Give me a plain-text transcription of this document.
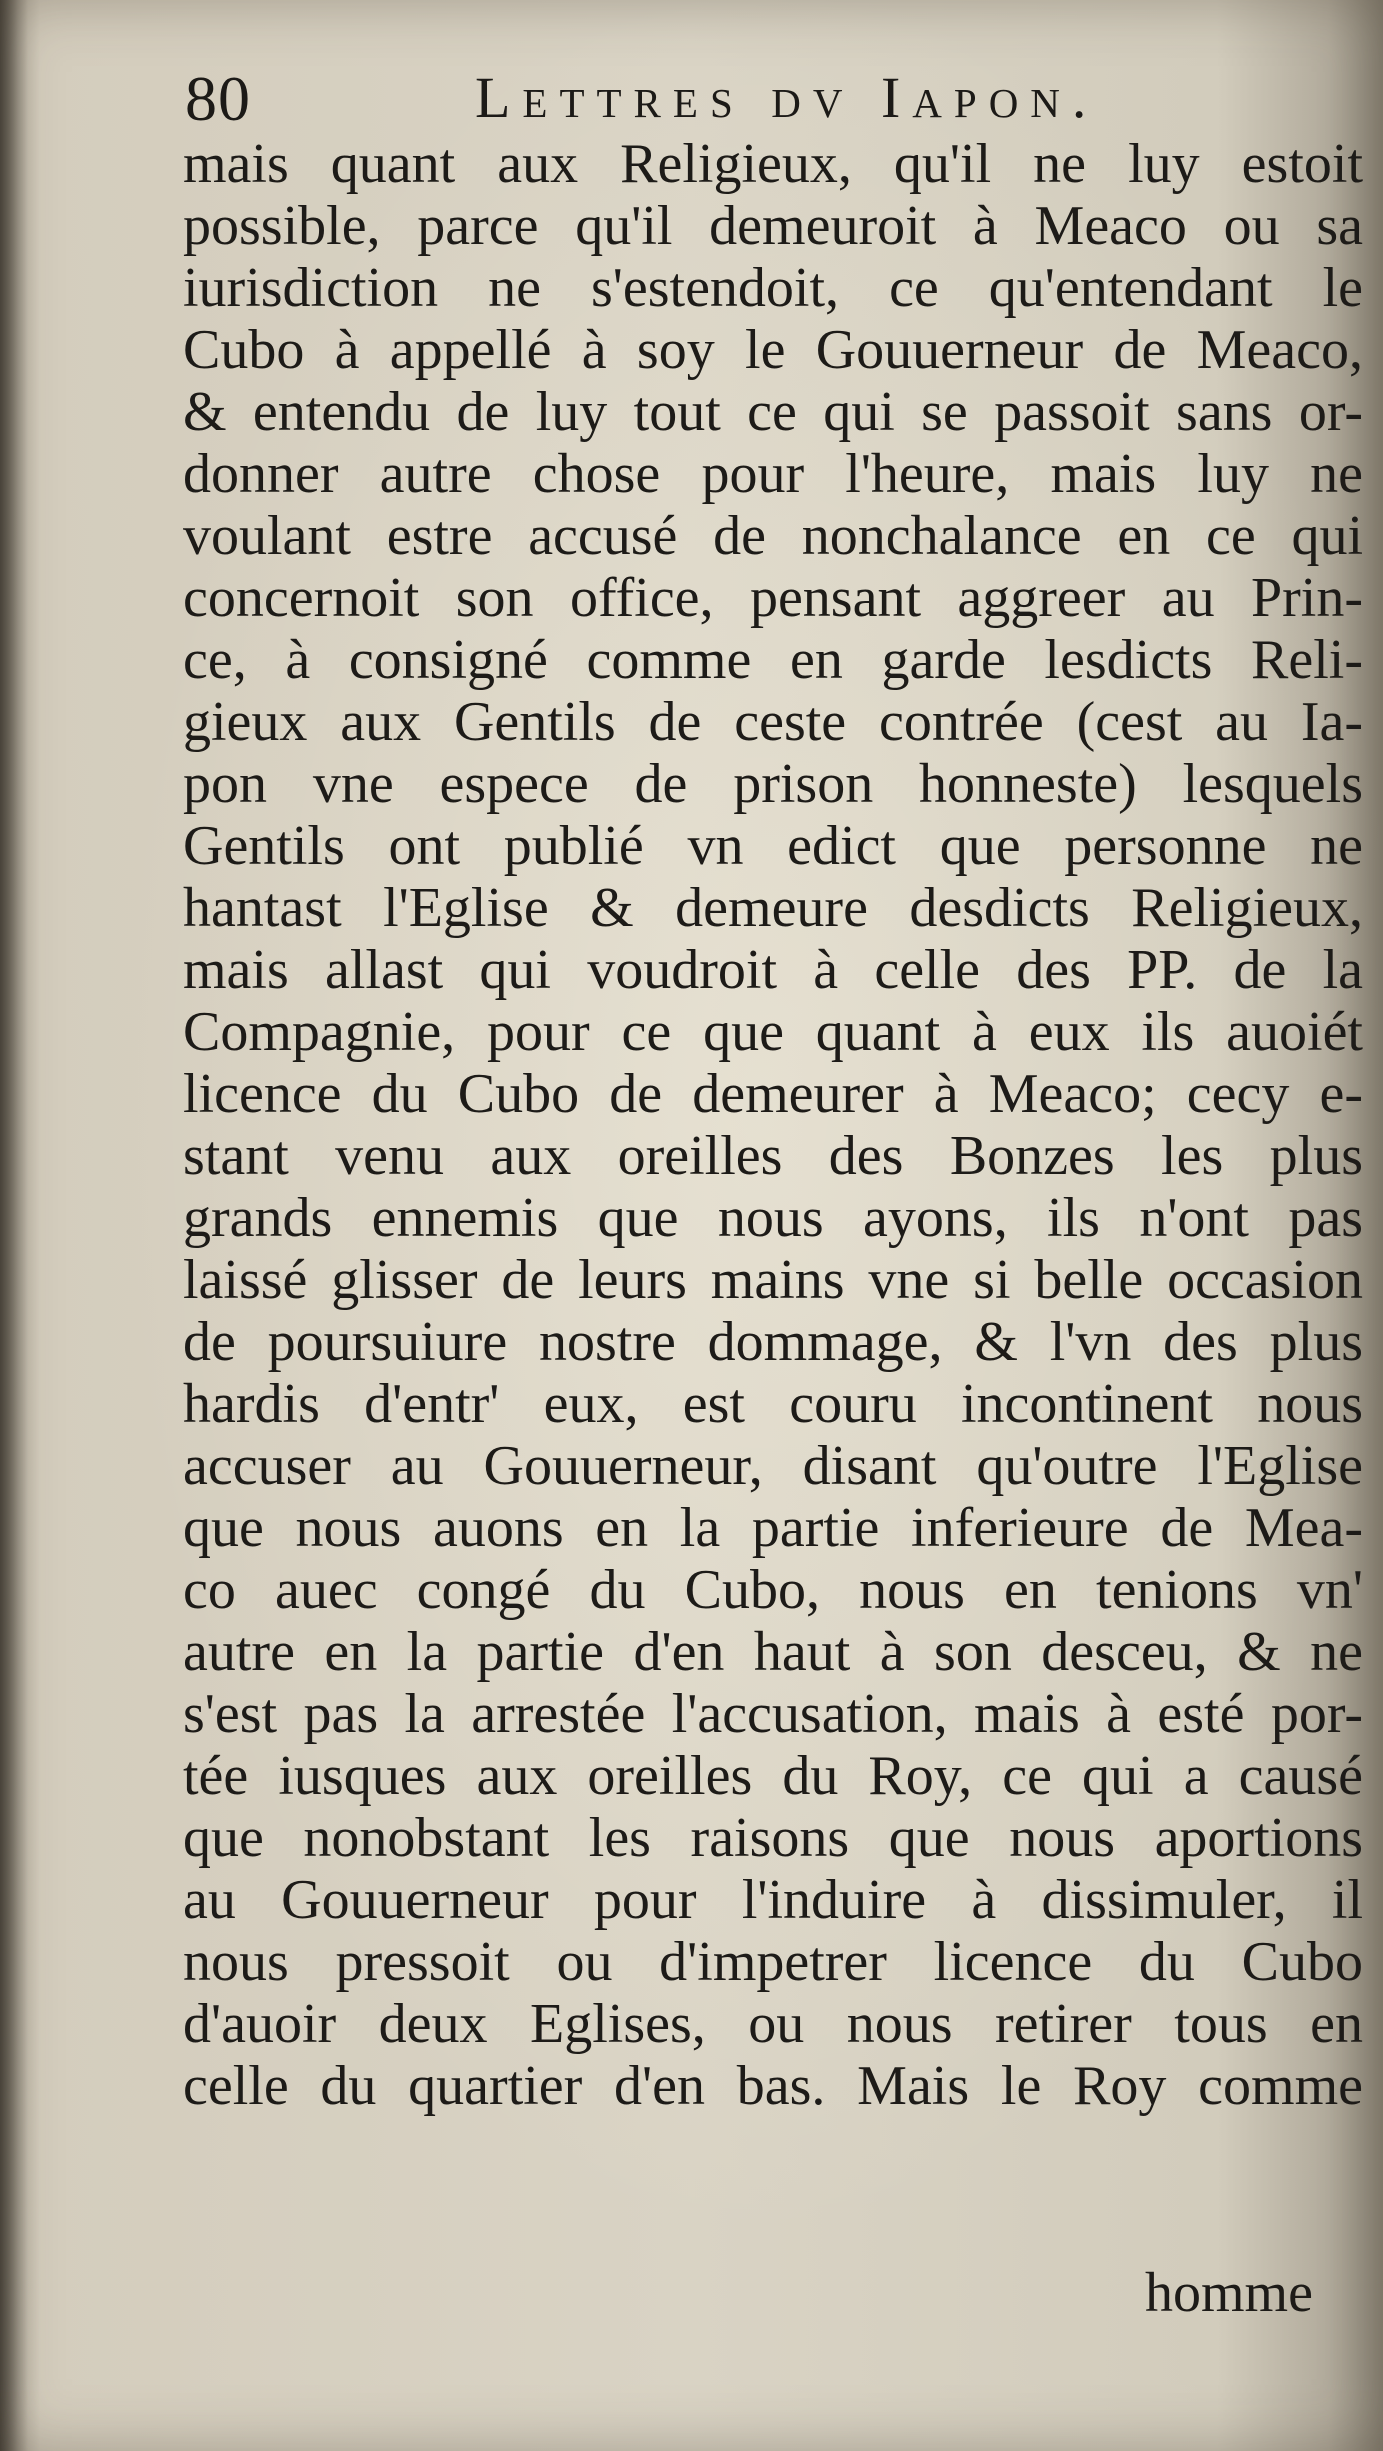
80	Lettres dv Iapon.
mais quant aux Religieux, qu'il ne luy estoit
possible, parce qu'il demeuroit à Meaco ou sa
iurisdiction ne s'estendoit, ce qu'entendant le
Cubo à appellé à soy le Gouuerneur de Meaco,
& entendu de luy tout ce qui se passoit sans or-
donner autre chose pour l'heure, mais luy ne
voulant estre accusé de nonchalance en ce qui
concernoit son office, pensant aggreer au Prin-
ce, à consigné comme en garde lesdicts Reli-
gieux aux Gentils de ceste contrée (cest au Ia-
pon vne espece de prison honneste) lesquels
Gentils ont publié vn edict que personne ne
hantast l'Eglise & demeure desdicts Religieux,
mais allast qui voudroit à celle des PP. de la
Compagnie, pour ce que quant à eux ils auoiét
licence du Cubo de demeurer à Meaco; cecy e-
stant venu aux oreilles des Bonzes les plus
grands ennemis que nous ayons, ils n'ont pas
laissé glisser de leurs mains vne si belle occasion
de poursuiure nostre dommage, & l'vn des plus
hardis d'entr' eux, est couru incontinent nous
accuser au Gouuerneur, disant qu'outre l'Eglise
que nous auons en la partie inferieure de Mea-
co auec congé du Cubo, nous en tenions vn'
autre en la partie d'en haut à son desceu, & ne
s'est pas la arrestée l'accusation, mais à esté por-
tée iusques aux oreilles du Roy, ce qui a causé
que nonobstant les raisons que nous aportions
au Gouuerneur pour l'induire à dissimuler, il
nous pressoit ou d'impetrer licence du Cubo
d'auoir deux Eglises, ou nous retirer tous en
celle du quartier d'en bas. Mais le Roy comme
homme
